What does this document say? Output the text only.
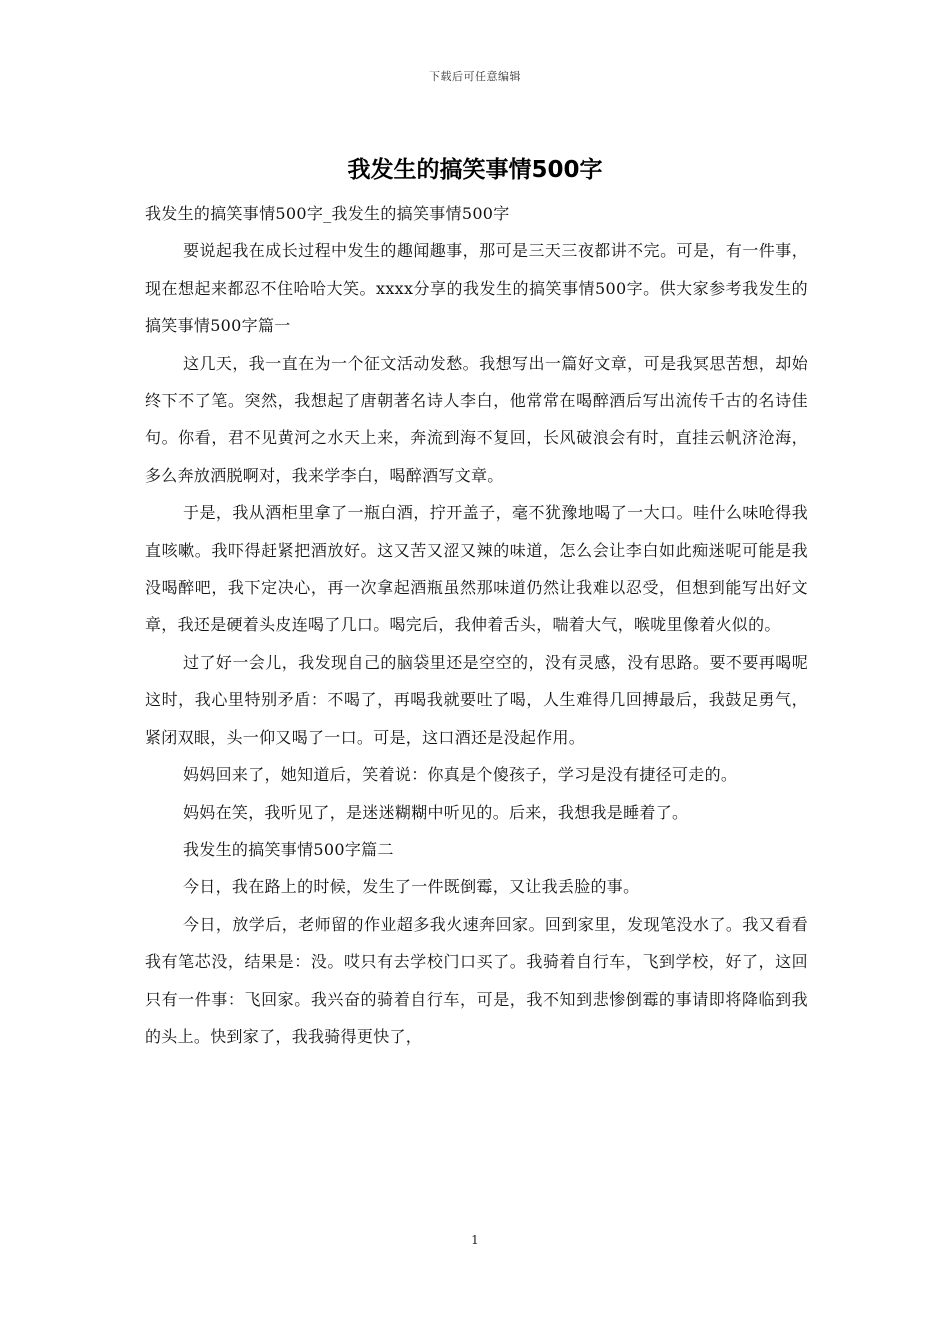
下载后可任意编辑
我发生的搞笑事情500字

我发生的搞笑事情500字_我发生的搞笑事情500字

要说起我在成长过程中发生的趣闻趣事，那可是三天三夜都讲不完。可是，有一件事，现在想起来都忍不住哈哈大笑。xxxx分享的我发生的搞笑事情500字。供大家参考我发生的搞笑事情500字篇一

这几天，我一直在为一个征文活动发愁。我想写出一篇好文章，可是我冥思苦想，却始终下不了笔。突然，我想起了唐朝著名诗人李白，他常常在喝醉酒后写出流传千古的名诗佳句。你看，君不见黄河之水天上来，奔流到海不复回，长风破浪会有时，直挂云帆济沧海，多么奔放洒脱啊对，我来学李白，喝醉酒写文章。

于是，我从酒柜里拿了一瓶白酒，拧开盖子，毫不犹豫地喝了一大口。哇什么味呛得我直咳嗽。我吓得赶紧把酒放好。这又苦又涩又辣的味道，怎么会让李白如此痴迷呢可能是我没喝醉吧，我下定决心，再一次拿起酒瓶虽然那味道仍然让我难以忍受，但想到能写出好文章，我还是硬着头皮连喝了几口。喝完后，我伸着舌头，喘着大气，喉咙里像着火似的。

过了好一会儿，我发现自己的脑袋里还是空空的，没有灵感，没有思路。要不要再喝呢这时，我心里特别矛盾：不喝了，再喝我就要吐了喝，人生难得几回搏最后，我鼓足勇气，紧闭双眼，头一仰又喝了一口。可是，这口酒还是没起作用。

妈妈回来了，她知道后，笑着说：你真是个傻孩子，学习是没有捷径可走的。

妈妈在笑，我听见了，是迷迷糊糊中听见的。后来，我想我是睡着了。

我发生的搞笑事情500字篇二

今日，我在路上的时候，发生了一件既倒霉，又让我丢脸的事。

今日，放学后，老师留的作业超多我火速奔回家。回到家里，发现笔没水了。我又看看我有笔芯没，结果是：没。哎只有去学校门口买了。我骑着自行车，飞到学校，好了，这回只有一件事：飞回家。我兴奋的骑着自行车，可是，我不知到悲惨倒霉的事请即将降临到我的头上。快到家了，我我骑得更快了，

1
